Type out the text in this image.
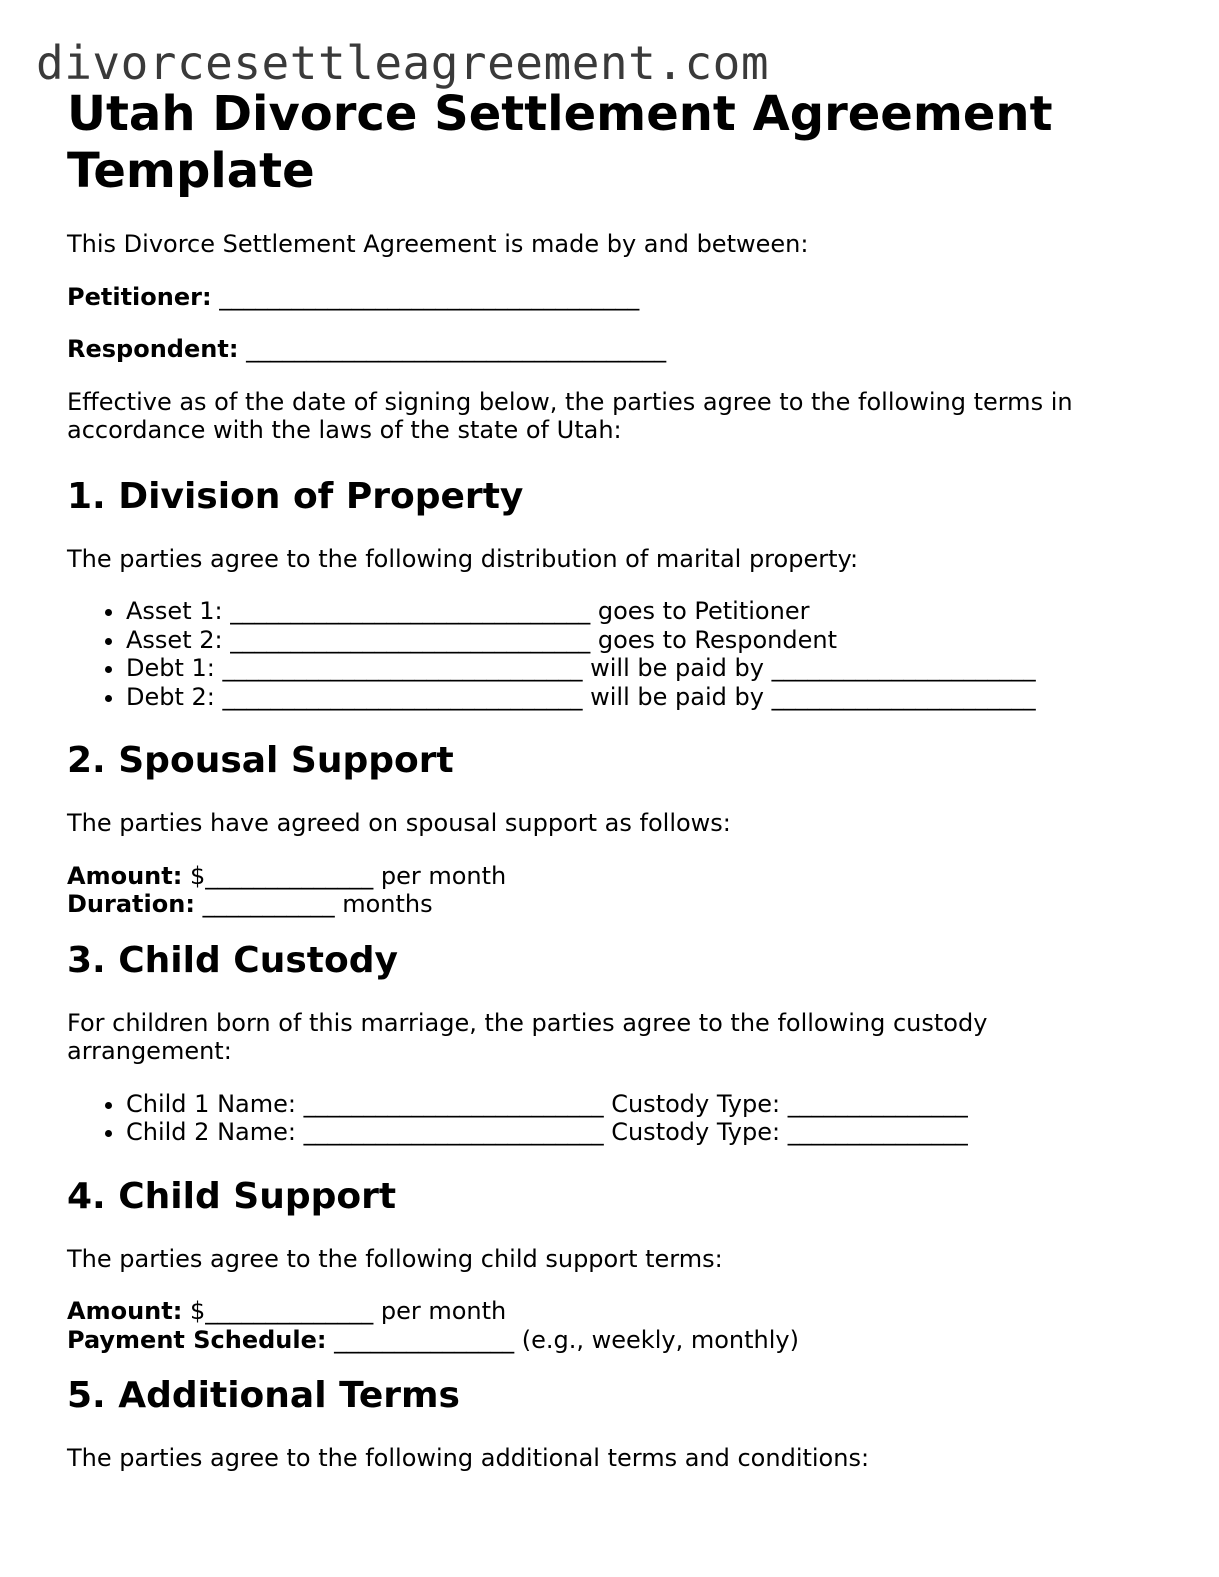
divorcesettleagreement.com
Utah Divorce Settlement Agreement Template

This Divorce Settlement Agreement is made by and between:

Petitioner: ___________________________________

Respondent: ___________________________________

Effective as of the date of signing below, the parties agree to the following terms in accordance with the laws of the state of Utah:

1. Division of Property

The parties agree to the following distribution of marital property:

• Asset 1: ______________________________ goes to Petitioner
• Asset 2: ______________________________ goes to Respondent
• Debt 1: ______________________________ will be paid by ______________________
• Debt 2: ______________________________ will be paid by ______________________
2. Spousal Support

The parties have agreed on spousal support as follows:

Amount: $______________ per month
Duration: ___________ months
3. Child Custody

For children born of this marriage, the parties agree to the following custody arrangement:

• Child 1 Name: _________________________ Custody Type: _______________
• Child 2 Name: _________________________ Custody Type: _______________
4. Child Support

The parties agree to the following child support terms:

Amount: $______________ per month
Payment Schedule: _______________ (e.g., weekly, monthly)
5. Additional Terms

The parties agree to the following additional terms and conditions:
